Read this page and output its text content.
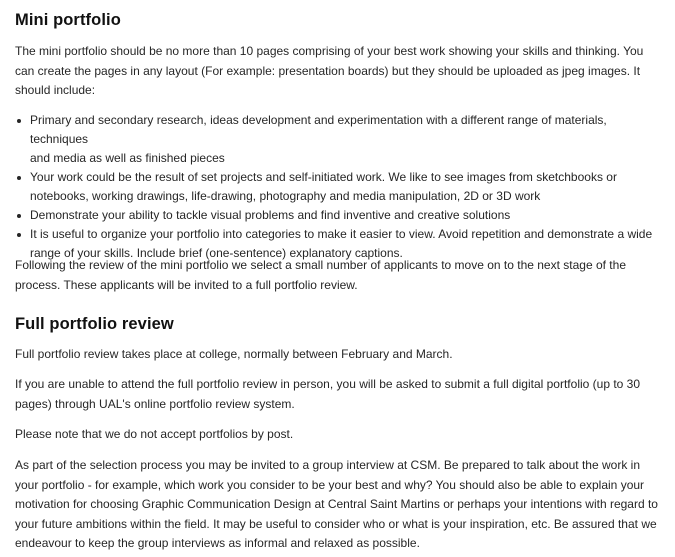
Mini portfolio

The mini portfolio should be no more than 10 pages comprising of your best work showing your skills and thinking. You

can create the pages in any layout (For example: presentation boards) but they should be uploaded as jpeg images. It

should include:

Primary and secondary research, ideas development and experimentation with a different range of materials, techniques
and media as well as finished pieces
Your work could be the result of set projects and self-initiated work. We like to see images from sketchbooks or
notebooks, working drawings, life-drawing, photography and media manipulation, 2D or 3D work
Demonstrate your ability to tackle visual problems and find inventive and creative solutions
It is useful to organize your portfolio into categories to make it easier to view. Avoid repetition and demonstrate a wide
range of your skills. Include brief (one-sentence) explanatory captions.

Following the review of the mini portfolio we select a small number of applicants to move on to the next stage of the

process. These applicants will be invited to a full portfolio review.

Full portfolio review

Full portfolio review takes place at college, normally between February and March.

If you are unable to attend the full portfolio review in person, you will be asked to submit a full digital portfolio (up to 30

pages) through UAL's online portfolio review system.

Please note that we do not accept portfolios by post.

As part of the selection process you may be invited to a group interview at CSM. Be prepared to talk about the work in

your portfolio - for example, which work you consider to be your best and why? You should also be able to explain your

motivation for choosing Graphic Communication Design at Central Saint Martins or perhaps your intentions with regard to

your future ambitions within the field. It may be useful to consider who or what is your inspiration, etc. Be assured that we

endeavour to keep the group interviews as informal and relaxed as possible.
